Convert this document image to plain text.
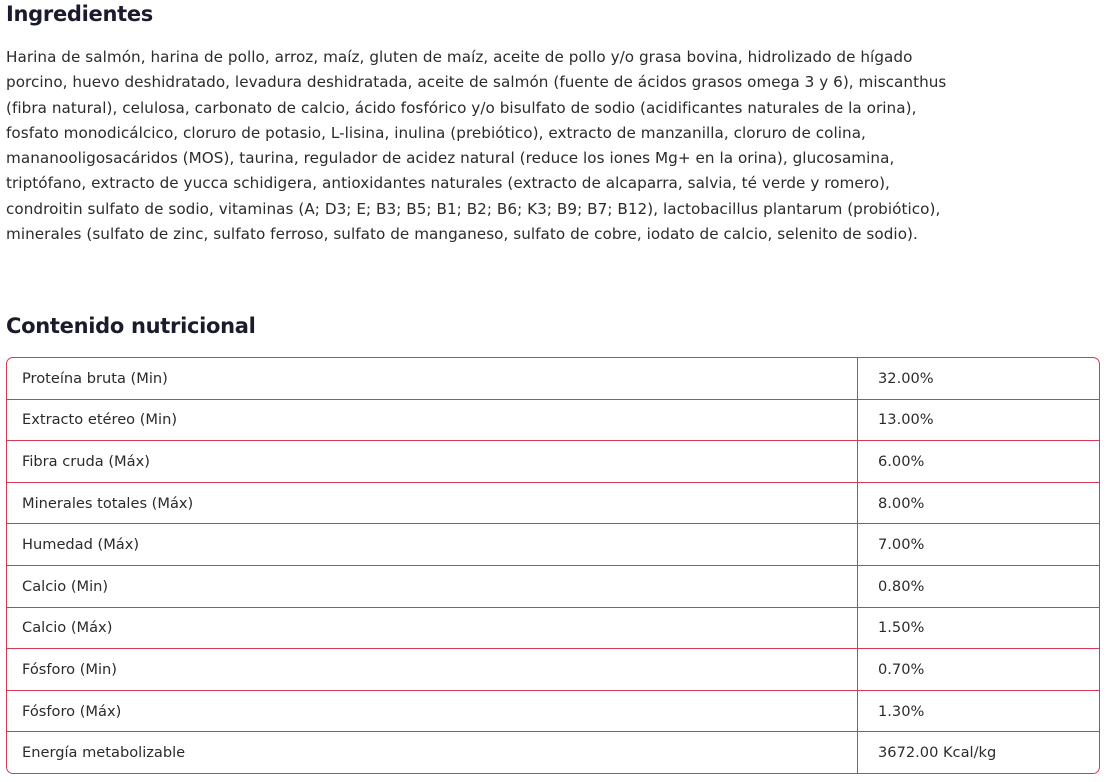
Ingredientes

Harina de salmón, harina de pollo, arroz, maíz, gluten de maíz, aceite de pollo y/o grasa bovina, hidrolizado de hígado
porcino, huevo deshidratado, levadura deshidratada, aceite de salmón (fuente de ácidos grasos omega 3 y 6), miscanthus
(fibra natural), celulosa, carbonato de calcio, ácido fosfórico y/o bisulfato de sodio (acidificantes naturales de la orina),
fosfato monodicálcico, cloruro de potasio, L-lisina, inulina (prebiótico), extracto de manzanilla, cloruro de colina,
mananooligosacáridos (MOS), taurina, regulador de acidez natural (reduce los iones Mg+ en la orina), glucosamina,
triptófano, extracto de yucca schidigera, antioxidantes naturales (extracto de alcaparra, salvia, té verde y romero),
condroitin sulfato de sodio, vitaminas (A; D3; E; B3; B5; B1; B2; B6; K3; B9; B7; B12), lactobacillus plantarum (probiótico),
minerales (sulfato de zinc, sulfato ferroso, sulfato de manganeso, sulfato de cobre, iodato de calcio, selenito de sodio).

Contenido nutricional
Proteína bruta (Min)	32.00%
Extracto etéreo (Min)	13.00%
Fibra cruda (Máx)	6.00%
Minerales totales (Máx)	8.00%
Humedad (Máx)	7.00%
Calcio (Min)	0.80%
Calcio (Máx)	1.50%
Fósforo (Min)	0.70%
Fósforo (Máx)	1.30%
Energía metabolizable	3672.00 Kcal/kg
